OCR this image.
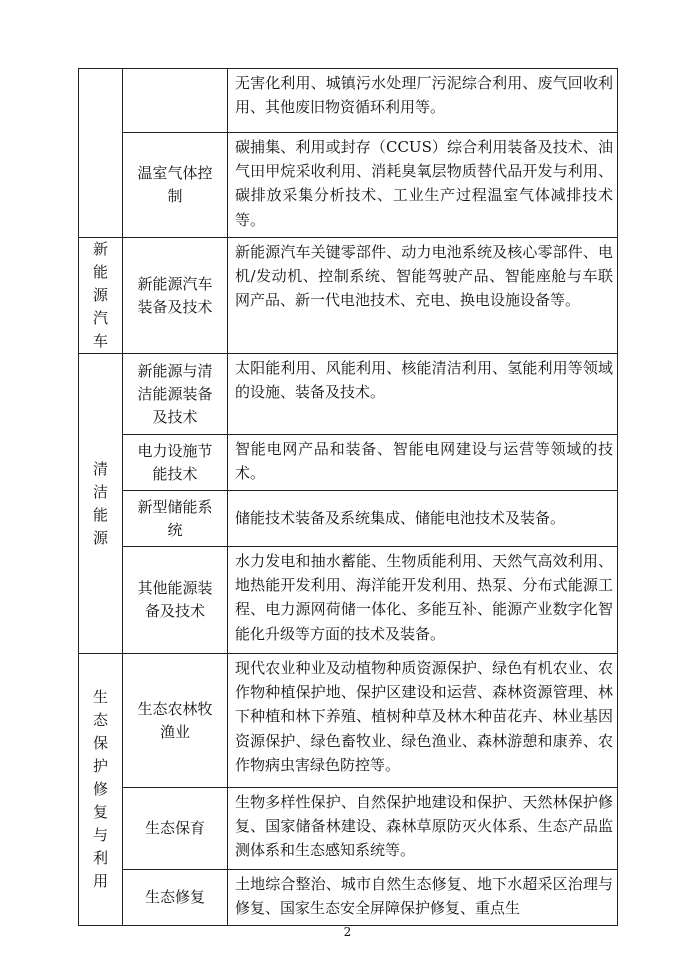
		无害化利用、城镇污水处理厂污泥综合利用、废气回收利用、其他废旧物资循环利用等。
	温室气体控制	碳捕集、利用或封存（CCUS）综合利用装备及技术、油气田甲烷采收利用、消耗臭氧层物质替代品开发与利用、碳排放采集分析技术、工业生产过程温室气体减排技术等。
新能源汽车	新能源汽车装备及技术	新能源汽车关键零部件、动力电池系统及核心零部件、电机/发动机、控制系统、智能驾驶产品、智能座舱与车联网产品、新一代电池技术、充电、换电设施设备等。
清洁能源	新能源与清洁能源装备及技术	太阳能利用、风能利用、核能清洁利用、氢能利用等领域的设施、装备及技术。
	电力设施节能技术	智能电网产品和装备、智能电网建设与运营等领域的技术。
	新型储能系统	储能技术装备及系统集成、储能电池技术及装备。
	其他能源装备及技术	水力发电和抽水蓄能、生物质能利用、天然气高效利用、地热能开发利用、海洋能开发利用、热泵、分布式能源工程、电力源网荷储一体化、多能互补、能源产业数字化智能化升级等方面的技术及装备。
生态保护修复与利用	生态农林牧渔业	现代农业种业及动植物种质资源保护、绿色有机农业、农作物种植保护地、保护区建设和运营、森林资源管理、林下种植和林下养殖、植树种草及林木种苗花卉、林业基因资源保护、绿色畜牧业、绿色渔业、森林游憩和康养、农作物病虫害绿色防控等。
	生态保育	生物多样性保护、自然保护地建设和保护、天然林保护修复、国家储备林建设、森林草原防灭火体系、生态产品监测体系和生态感知系统等。
	生态修复	土地综合整治、城市自然生态修复、地下水超采区治理与修复、国家生态安全屏障保护修复、重点生
2
